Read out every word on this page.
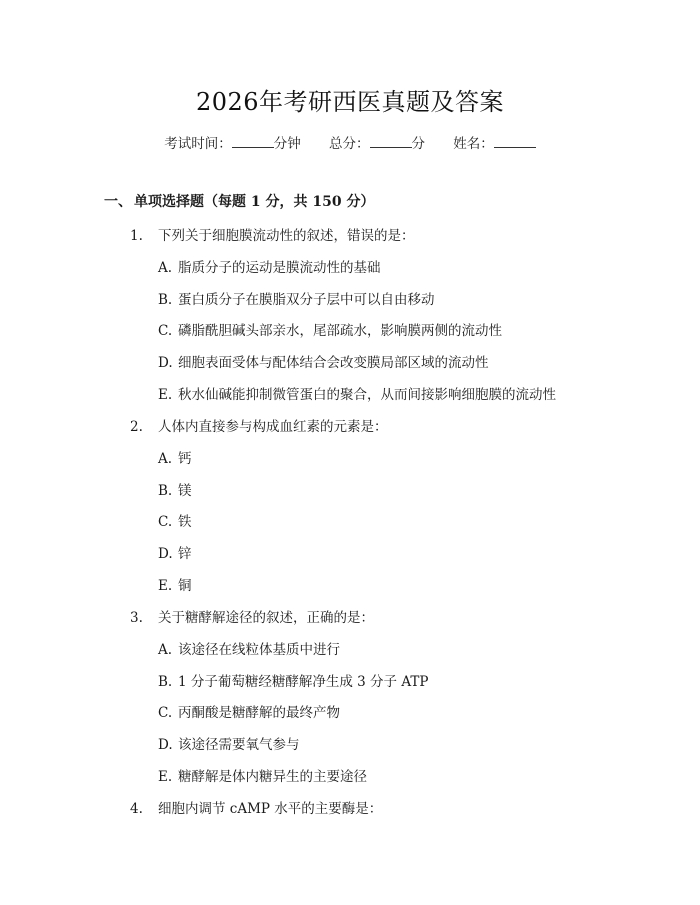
2026年考研西医真题及答案
考试时间：	分钟 总分：	分 姓名：
一、 单项选择题（每题 1 分，共 150 分）
1. 下列关于细胞膜流动性的叙述，错误的是：
A. 脂质分子的运动是膜流动性的基础
B. 蛋白质分子在膜脂双分子层中可以自由移动
C. 磷脂酰胆碱头部亲水，尾部疏水，影响膜两侧的流动性
D. 细胞表面受体与配体结合会改变膜局部区域的流动性
E. 秋水仙碱能抑制微管蛋白的聚合，从而间接影响细胞膜的流动性
2. 人体内直接参与构成血红素的元素是：
A. 钙
B. 镁
C. 铁
D. 锌
E. 铜
3. 关于糖酵解途径的叙述，正确的是：
A. 该途径在线粒体基质中进行
B. 1 分子葡萄糖经糖酵解净生成 3 分子 ATP
C. 丙酮酸是糖酵解的最终产物
D. 该途径需要氧气参与
E. 糖酵解是体内糖异生的主要途径
4. 细胞内调节 cAMP 水平的主要酶是：
